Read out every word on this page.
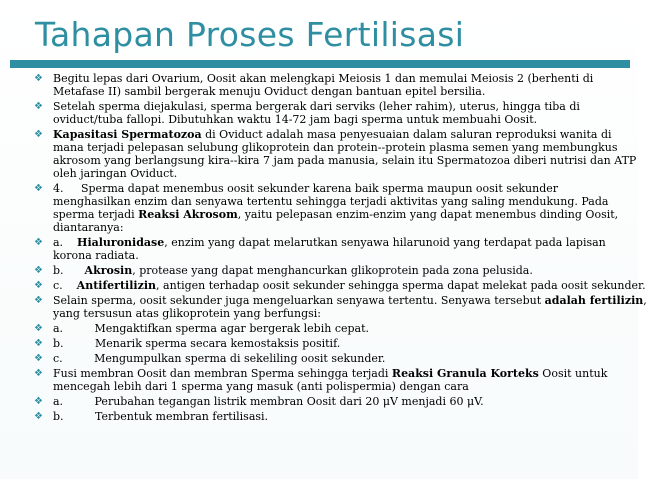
Tahapan Proses Fertilisasi

❖ Begitu lepas dari Ovarium, Oosit akan melengkapi Meiosis 1 dan memulai Meiosis 2 (berhenti di
Metafase II) sambil bergerak menuju Oviduct dengan bantuan epitel bersilia.

❖ Setelah sperma diejakulasi, sperma bergerak dari serviks (leher rahim), uterus, hingga tiba di
oviduct/tuba fallopi. Dibutuhkan waktu 14-72 jam bagi sperma untuk membuahi Oosit.

❖ Kapasitasi Spermatozoa di Oviduct adalah masa penyesuaian dalam saluran reproduksi wanita di
mana terjadi pelepasan selubung glikoprotein dan protein--protein plasma semen yang membungkus
akrosom yang berlangsung kira--kira 7 jam pada manusia, selain itu Spermatozoa diberi nutrisi dan ATP
oleh jaringan Oviduct.

❖ 4.     Sperma dapat menembus oosit sekunder karena baik sperma maupun oosit sekunder
menghasilkan enzim dan senyawa tertentu sehingga terjadi aktivitas yang saling mendukung. Pada
sperma terjadi Reaksi Akrosom, yaitu pelepasan enzim-enzim yang dapat menembus dinding Oosit,
diantaranya:

❖ a.    Hialuronidase, enzim yang dapat melarutkan senyawa hilarunoid yang terdapat pada lapisan
korona radiata.

❖ b.      Akrosin, protease yang dapat menghancurkan glikoprotein pada zona pelusida.

❖ c.    Antifertilizin, antigen terhadap oosit sekunder sehingga sperma dapat melekat pada oosit sekunder.

❖ Selain sperma, oosit sekunder juga mengeluarkan senyawa tertentu. Senyawa tersebut adalah fertilizin,
yang tersusun atas glikoprotein yang berfungsi:

❖ a.         Mengaktifkan sperma agar bergerak lebih cepat.

❖ b.         Menarik sperma secara kemostaksis positif.

❖ c.         Mengumpulkan sperma di sekeliling oosit sekunder.

❖ Fusi membran Oosit dan membran Sperma sehingga terjadi Reaksi Granula Korteks Oosit untuk
mencegah lebih dari 1 sperma yang masuk (anti polispermia) dengan cara

❖ a.         Perubahan tegangan listrik membran Oosit dari 20 μV menjadi 60 μV.

❖ b.         Terbentuk membran fertilisasi.
